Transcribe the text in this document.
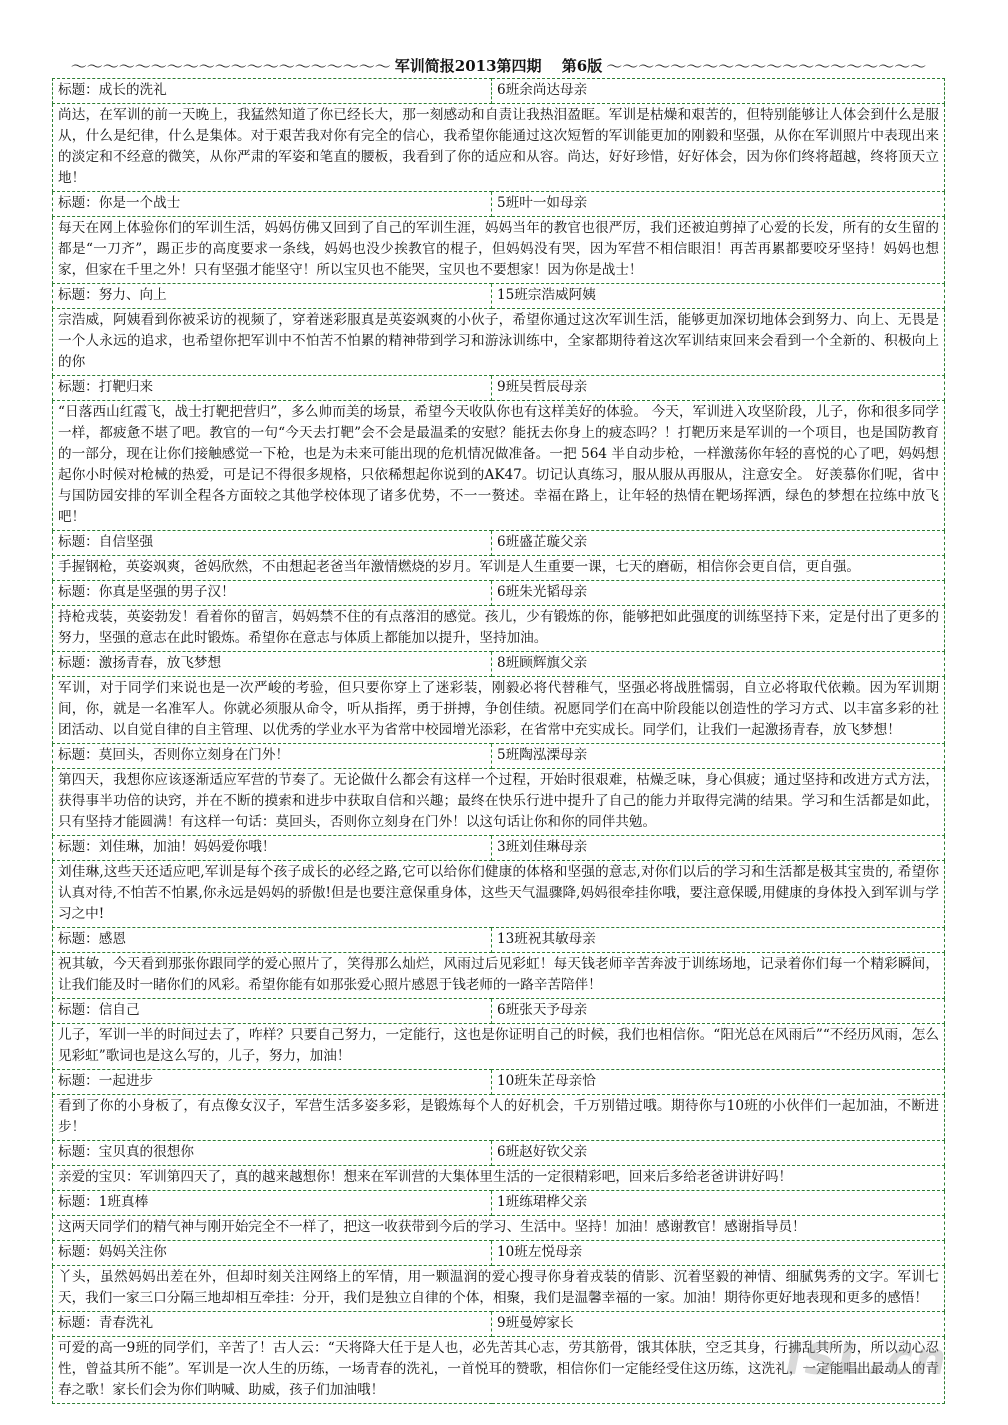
～～～～～～～～～～～～～～～～～～～～ 军训简报2013第四期　 第6版 ～～～～～～～～～～～～～～～～～～～～
标题：成长的洗礼	6班余尚达母亲
尚达，在军训的前一天晚上，我猛然知道了你已经长大，那一刻感动和自责让我热泪盈眶。军训是枯燥和艰苦的，但特别能够让人体会到什么是服从，什么是纪律，什么是集体。对于艰苦我对你有完全的信心，我希望你能通过这次短暂的军训能更加的刚毅和坚强，从你在军训照片中表现出来的淡定和不经意的微笑，从你严肃的军姿和笔直的腰板，我看到了你的适应和从容。尚达，好好珍惜，好好体会，因为你们终将超越，终将顶天立地！	
标题：你是一个战士	5班叶一如母亲
每天在网上体验你们的军训生活，妈妈仿佛又回到了自己的军训生涯，妈妈当年的教官也很严厉，我们还被迫剪掉了心爱的长发，所有的女生留的都是“一刀齐”，踢正步的高度要求一条线，妈妈也没少挨教官的棍子，但妈妈没有哭，因为军营不相信眼泪！再苦再累都要咬牙坚持！妈妈也想家，但家在千里之外！只有坚强才能坚守！所以宝贝也不能哭，宝贝也不要想家！因为你是战士！	
标题：努力、向上	15班宗浩威阿姨
宗浩威，阿姨看到你被采访的视频了，穿着迷彩服真是英姿飒爽的小伙子，希望你通过这次军训生活，能够更加深切地体会到努力、向上、无畏是一个人永远的追求，也希望你把军训中不怕苦不怕累的精神带到学习和游泳训练中，全家都期待着这次军训结束回来会看到一个全新的、积极向上的你	
标题：打靶归来	9班吴哲辰母亲
“日落西山红霞飞，战士打靶把营归”，多么帅而美的场景，希望今天收队你也有这样美好的体验。 今天，军训进入攻坚阶段，儿子，你和很多同学一样，都疲惫不堪了吧。教官的一句“今天去打靶”会不会是最温柔的安慰？能抚去你身上的疲态吗？！打靶历来是军训的一个项目，也是国防教育的一部分，现在让你们接触感觉一下枪，也是为未来可能出现的危机情况做准备。一把 564 半自动步枪，一样激荡你年轻的喜悦的心了吧，妈妈想起你小时候对枪械的热爱，可是记不得很多规格，只依稀想起你说到的AK47。切记认真练习，服从服从再服从，注意安全。 好羡慕你们呢，省中与国防园安排的军训全程各方面较之其他学校体现了诸多优势，不一一赘述。幸福在路上，让年轻的热情在靶场挥洒，绿色的梦想在拉练中放飞吧！	
标题：自信坚强	6班盛芷璇父亲
手握钢枪，英姿飒爽，爸妈欣然，不由想起老爸当年激情燃烧的岁月。军训是人生重要一课，七天的磨砺，相信你会更自信，更自强。	
标题：你真是坚强的男子汉！	6班朱光韬母亲
持枪戎装，英姿勃发！看着你的留言，妈妈禁不住的有点落泪的感觉。孩儿，少有锻炼的你，能够把如此强度的训练坚持下来，定是付出了更多的努力，坚强的意志在此时锻炼。希望你在意志与体质上都能加以提升，坚持加油。	
标题：激扬青春，放飞梦想	8班顾辉旗父亲
军训，对于同学们来说也是一次严峻的考验，但只要你穿上了迷彩装，刚毅必将代替稚气，坚强必将战胜懦弱，自立必将取代依赖。因为军训期间，你，就是一名准军人。你就必须服从命令，听从指挥，勇于拼搏，争创佳绩。祝愿同学们在高中阶段能以创造性的学习方式、以丰富多彩的社团活动、以自觉自律的自主管理、以优秀的学业水平为省常中校园增光添彩，在省常中充实成长。同学们，让我们一起激扬青春，放飞梦想！	
标题：莫回头，否则你立刻身在门外！	5班陶泓溧母亲
第四天，我想你应该逐渐适应军营的节奏了。无论做什么都会有这样一个过程，开始时很艰难，枯燥乏味，身心俱疲；通过坚持和改进方式方法，获得事半功倍的诀窍，并在不断的摸索和进步中获取自信和兴趣；最终在快乐行进中提升了自己的能力并取得完满的结果。学习和生活都是如此，只有坚持才能圆满！有这样一句话：莫回头，否则你立刻身在门外！以这句话让你和你的同伴共勉。	
标题：刘佳琳，加油！妈妈爱你哦！	3班刘佳琳母亲
刘佳琳,这些天还适应吧,军训是每个孩子成长的必经之路,它可以给你们健康的体格和坚强的意志,对你们以后的学习和生活都是极其宝贵的, 希望你认真对待,不怕苦不怕累,你永远是妈妈的骄傲!但是也要注意保重身体，这些天气温骤降,妈妈很牵挂你哦，要注意保暖,用健康的身体投入到军训与学习之中!	
标题：感恩	13班祝其敏母亲
祝其敏，今天看到那张你跟同学的爱心照片了，笑得那么灿烂，风雨过后见彩虹！每天钱老师辛苦奔波于训练场地，记录着你们每一个精彩瞬间，让我们能及时一睹你们的风彩。希望你能有如那张爱心照片感恩于钱老师的一路辛苦陪伴！	
标题：信自己	6班张天予母亲
儿子，军训一半的时间过去了，咋样？只要自己努力，一定能行，这也是你证明自己的时候，我们也相信你。“阳光总在风雨后”“不经历风雨，怎么见彩虹”歌词也是这么写的，儿子，努力，加油！	
标题：一起进步	10班朱芷母亲恰
看到了你的小身板了，有点像女汉子，军营生活多姿多彩，是锻炼每个人的好机会，千万别错过哦。期待你与10班的小伙伴们一起加油，不断进步！	
标题：宝贝真的很想你	6班赵好钦父亲
亲爱的宝贝：军训第四天了，真的越来越想你！想来在军训营的大集体里生活的一定很精彩吧，回来后多给老爸讲讲好吗！	
标题：1班真棒	1班练珺桦父亲
这两天同学们的精气神与刚开始完全不一样了，把这一收获带到今后的学习、生活中。坚持！加油！感谢教官！感谢指导员！	
标题：妈妈关注你	10班左悦母亲
丫头，虽然妈妈出差在外，但却时刻关注网络上的军情，用一颗温润的爱心搜寻你身着戎装的倩影、沉着坚毅的神情、细腻隽秀的文字。军训七天，我们一家三口分隔三地却相互牵挂：分开，我们是独立自律的个体，相聚，我们是温馨幸福的一家。加油！期待你更好地表现和更多的感悟！	
标题：青春洗礼	9班曼婷家长
可爱的高一9班的同学们，辛苦了！古人云：“天将降大任于是人也，必先苦其心志，劳其筋骨，饿其体肤，空乏其身，行拂乱其所为，所以动心忍性，曾益其所不能”。军训是一次人生的历练，一场青春的洗礼，一首悦耳的赞歌，相信你们一定能经受住这历练，这洗礼，一定能唱出最动人的青春之歌！家长们会为你们呐喊、助威，孩子们加油哦！	
ISL.cn
